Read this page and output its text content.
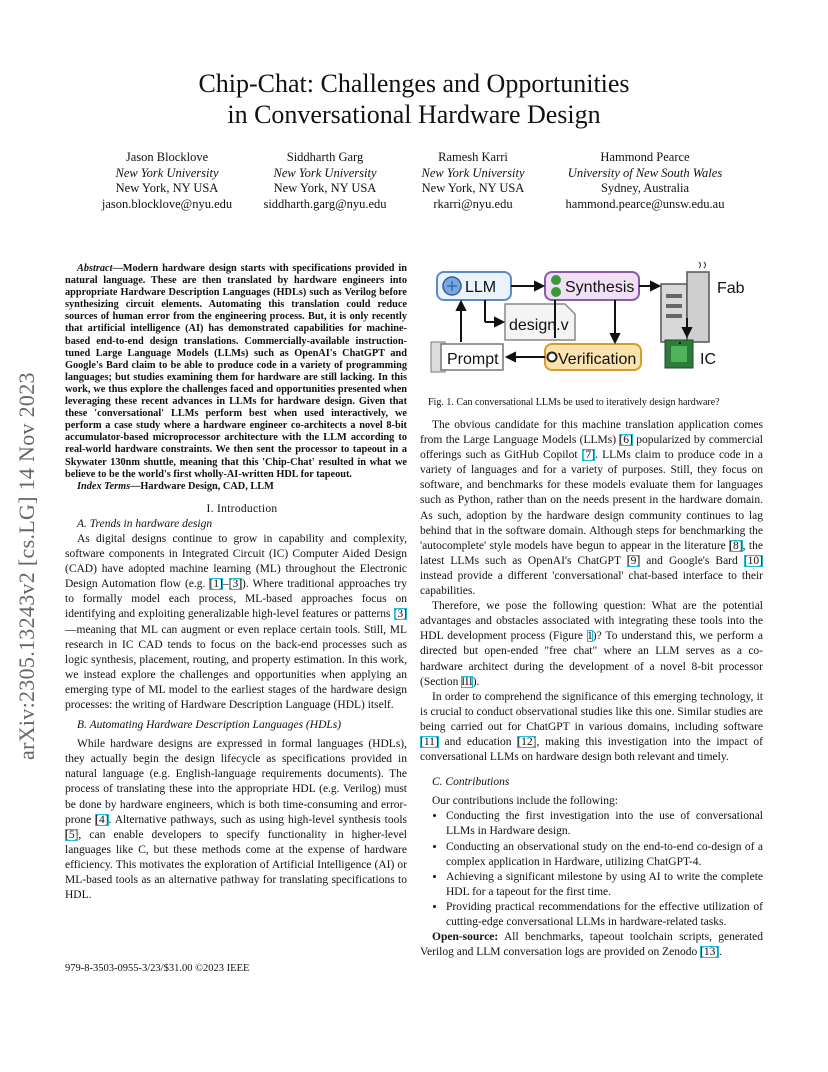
arXiv:2305.13243v2 [cs.LG] 14 Nov 2023
Chip-Chat: Challenges and Opportunities
in Conversational Hardware Design
Jason Blocklove
New York University
New York, NY USA
jason.blocklove@nyu.edu
Siddharth Garg
New York University
New York, NY USA
siddharth.garg@nyu.edu
Ramesh Karri
New York University
New York, NY USA
rkarri@nyu.edu
Hammond Pearce
University of New South Wales
Sydney, Australia
hammond.pearce@unsw.edu.au

Abstract—Modern hardware design starts with specifications provided in natural language. These are then translated by hardware engineers into appropriate Hardware Description Languages (HDLs) such as Verilog before synthesizing circuit elements. Automating this translation could reduce sources of human error from the engineering process. But, it is only recently that artificial intelligence (AI) has demonstrated capabilities for machine-based end-to-end design translations. Commercially-available instruction-tuned Large Language Models (LLMs) such as OpenAI's ChatGPT and Google's Bard claim to be able to produce code in a variety of programming languages; but studies examining them for hardware are still lacking. In this work, we thus explore the challenges faced and opportunities presented when leveraging these recent advances in LLMs for hardware design. Given that these 'conversational' LLMs perform best when used interactively, we perform a case study where a hardware engineer co-architects a novel 8-bit accumulator-based microprocessor architecture with the LLM according to real-world hardware constraints. We then sent the processor to tapeout in a Skywater 130nm shuttle, meaning that this 'Chip-Chat' resulted in what we believe to be the world's first wholly-AI-written HDL for tapeout.

Index Terms—Hardware Design, CAD, LLM

I. Introduction

A. Trends in hardware design

As digital designs continue to grow in capability and complexity, software components in Integrated Circuit (IC) Computer Aided Design (CAD) have adopted machine learning (ML) throughout the Electronic Design Automation flow (e.g. [1]–[3]). Where traditional approaches try to formally model each process, ML-based approaches focus on identifying and exploiting generalizable high-level features or patterns [3]—meaning that ML can augment or even replace certain tools. Still, ML research in IC CAD tends to focus on the back-end processes such as logic synthesis, placement, routing, and property estimation. In this work, we instead explore the challenges and opportunities when applying an emerging type of ML model to the earliest stages of the hardware design processes: the writing of Hardware Description Language (HDL) itself.

B. Automating Hardware Description Languages (HDLs)

While hardware designs are expressed in formal languages (HDLs), they actually begin the design lifecycle as specifications provided in natural language (e.g. English-language requirements documents). The process of translating these into the appropriate HDL (e.g. Verilog) must be done by hardware engineers, which is both time-consuming and error-prone [4]. Alternative pathways, such as using high-level synthesis tools [5], can enable developers to specify functionality in higher-level languages like C, but these methods come at the expense of hardware efficiency. This motivates the exploration of Artificial Intelligence (AI) or ML-based tools as an alternative pathway for translating specifications to HDL.

979-8-3503-0955-3/23/$31.00 ©2023 IEEE
LLM	Synthesis	Fab
design.v
Prompt	Verification	IC
Fig. 1. Can conversational LLMs be used to iteratively design hardware?

The obvious candidate for this machine translation application comes from the Large Language Models (LLMs) [6] popularized by commercial offerings such as GitHub Copilot [7]. LLMs claim to produce code in a variety of languages and for a variety of purposes. Still, they focus on software, and benchmarks for these models evaluate them for languages such as Python, rather than on the needs present in the hardware domain. As such, adoption by the hardware design community continues to lag behind that in the software domain. Although steps for benchmarking the 'autocomplete' style models have begun to appear in the literature [8], the latest LLMs such as OpenAI's ChatGPT [9] and Google's Bard [10] instead provide a different 'conversational' chat-based interface to their capabilities.

Therefore, we pose the following question: What are the potential advantages and obstacles associated with integrating these tools into the HDL development process (Figure 1)? To understand this, we perform a directed but open-ended "free chat" where an LLM serves as a co-hardware architect during the development of a novel 8-bit processor (Section III).

In order to comprehend the significance of this emerging technology, it is crucial to conduct observational studies like this one. Similar studies are being carried out for ChatGPT in various domains, including software [11] and education [12], making this investigation into the impact of conversational LLMs on hardware design both relevant and timely.

C. Contributions

Our contributions include the following:

• Conducting the first investigation into the use of conversational LLMs in Hardware design.
• Conducting an observational study on the end-to-end co-design of a complex application in Hardware, utilizing ChatGPT-4.
• Achieving a significant milestone by using AI to write the complete HDL for a tapeout for the first time.
• Providing practical recommendations for the effective utilization of cutting-edge conversational LLMs in hardware-related tasks.

Open-source: All benchmarks, tapeout toolchain scripts, generated Verilog and LLM conversation logs are provided on Zenodo [13].
